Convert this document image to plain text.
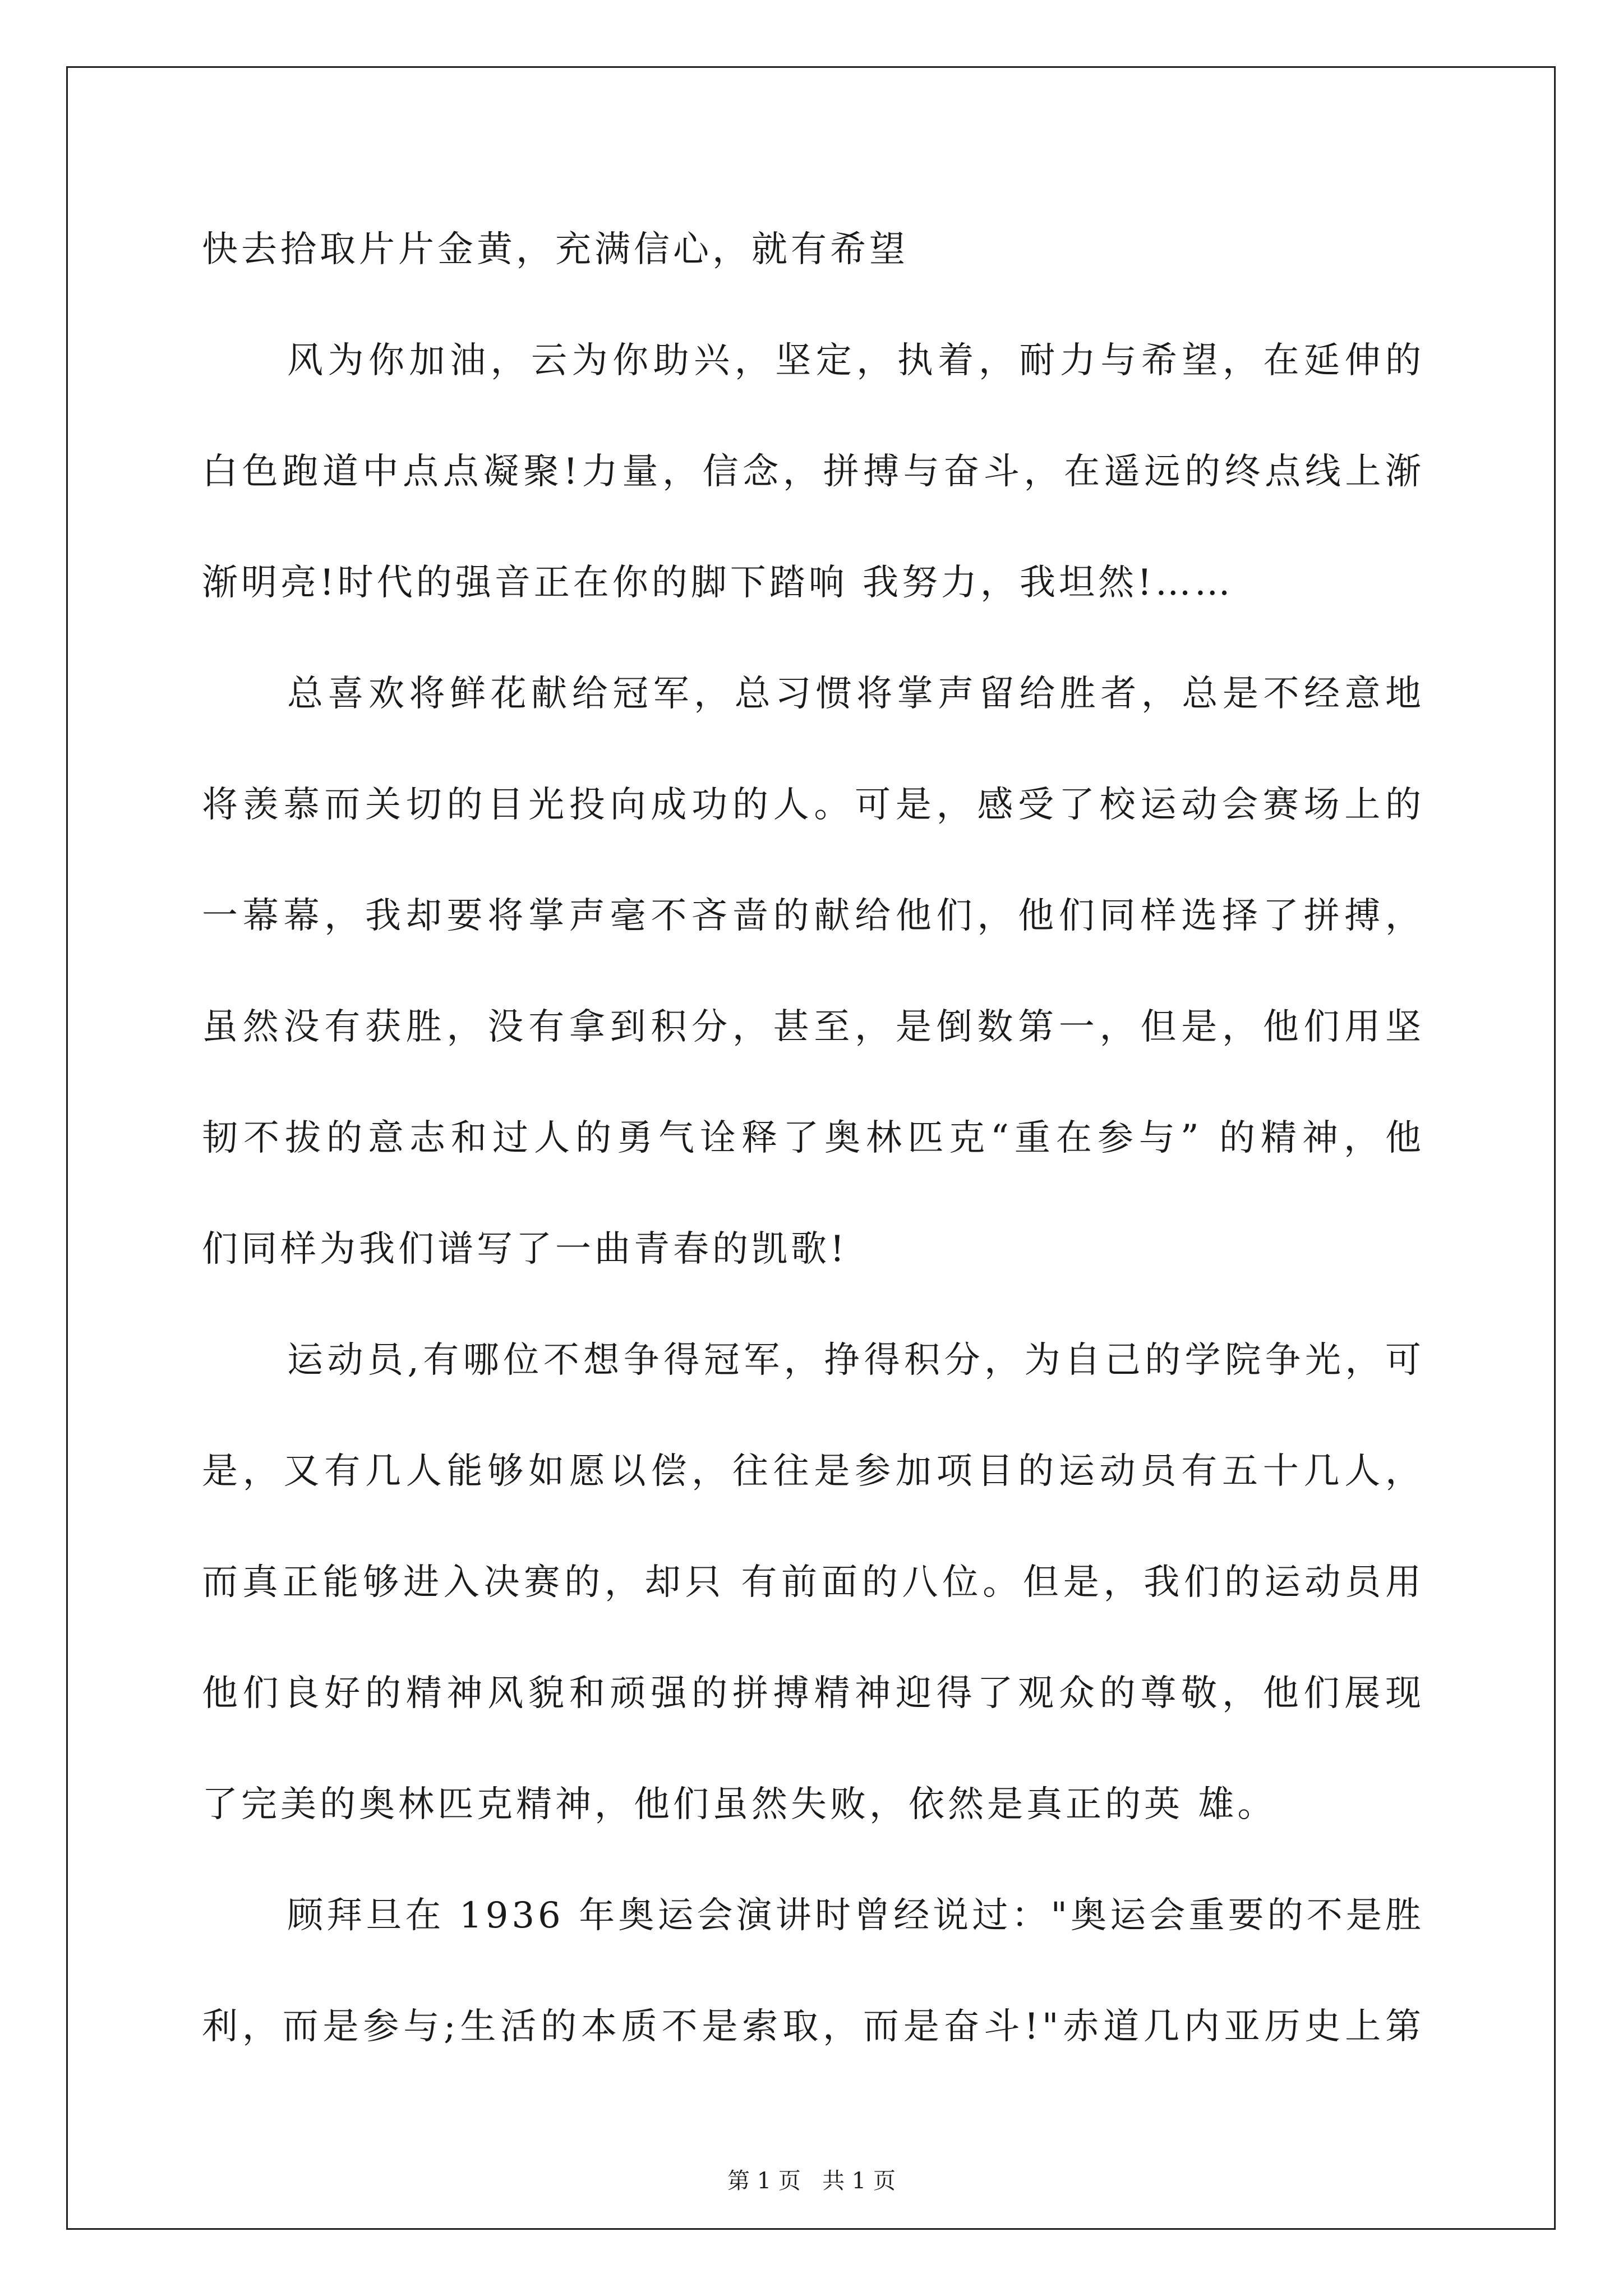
快去拾取片片金黄，充满信心，就有希望
风为你加油，云为你助兴，坚定，执着，耐力与希望，在延伸的
白色跑道中点点凝聚!力量，信念，拼搏与奋斗，在遥远的终点线上渐
渐明亮!时代的强音正在你的脚下踏响 我努力，我坦然!……
总喜欢将鲜花献给冠军，总习惯将掌声留给胜者，总是不经意地
将羡慕而关切的目光投向成功的人。可是，感受了校运动会赛场上的
一幕幕，我却要将掌声毫不吝啬的献给他们，他们同样选择了拼搏，
虽然没有获胜，没有拿到积分，甚至，是倒数第一，但是，他们用坚
韧不拔的意志和过人的勇气诠释了奥林匹克“重在参与” 的精神，他
们同样为我们谱写了一曲青春的凯歌!
运动员,有哪位不想争得冠军，挣得积分，为自己的学院争光，可
是，又有几人能够如愿以偿，往往是参加项目的运动员有五十几人，
而真正能够进入决赛的，却只 有前面的八位。但是，我们的运动员用
他们良好的精神风貌和顽强的拼搏精神迎得了观众的尊敬，他们展现
了完美的奥林匹克精神，他们虽然失败，依然是真正的英 雄。
顾拜旦在 1936 年奥运会演讲时曾经说过："奥运会重要的不是胜
利，而是参与;生活的本质不是索取，而是奋斗!"赤道几内亚历史上第
第 1 页   共 1 页
